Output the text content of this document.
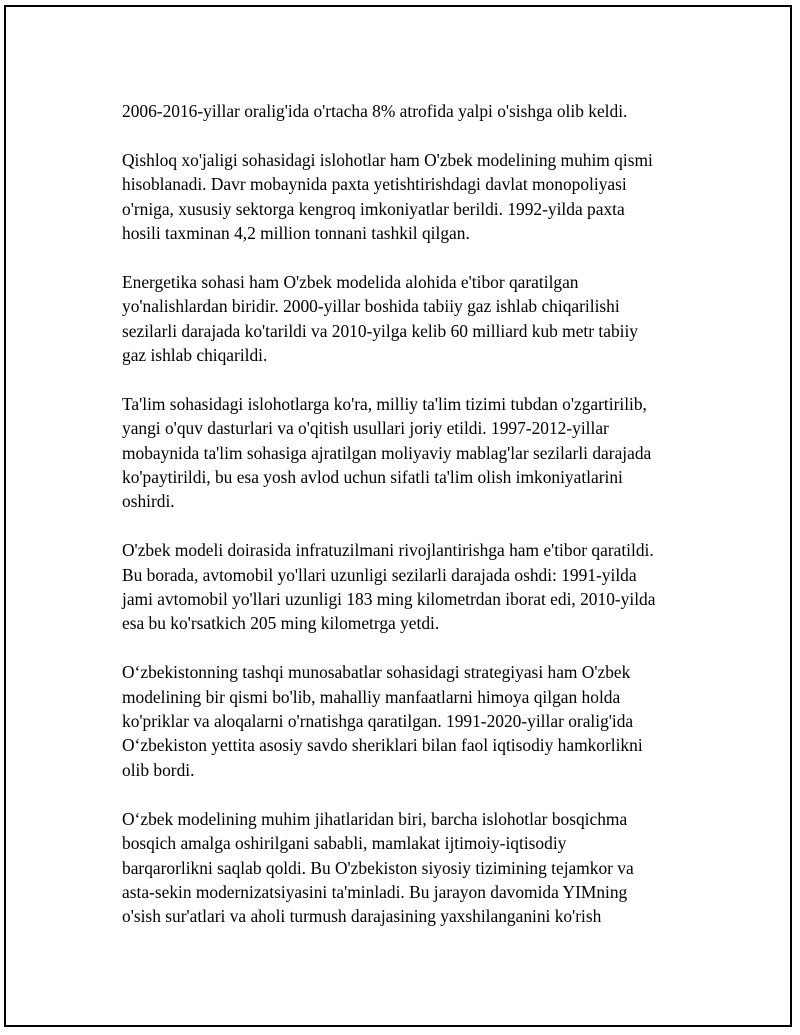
2006-2016-yillar oralig'ida o'rtacha 8% atrofida yalpi o'sishga olib keldi.

Qishloq xo'jaligi sohasidagi islohotlar ham O'zbek modelining muhim qismi
hisoblanadi. Davr mobaynida paxta yetishtirishdagi davlat monopoliyasi
o'rniga, xususiy sektorga kengroq imkoniyatlar berildi. 1992-yilda paxta
hosili taxminan 4,2 million tonnani tashkil qilgan.

Energetika sohasi ham O'zbek modelida alohida e'tibor qaratilgan
yo'nalishlardan biridir. 2000-yillar boshida tabiiy gaz ishlab chiqarilishi
sezilarli darajada ko'tarildi va 2010-yilga kelib 60 milliard kub metr tabiiy
gaz ishlab chiqarildi.

Ta'lim sohasidagi islohotlarga ko'ra, milliy ta'lim tizimi tubdan o'zgartirilib,
yangi o'quv dasturlari va o'qitish usullari joriy etildi. 1997-2012-yillar
mobaynida ta'lim sohasiga ajratilgan moliyaviy mablag'lar sezilarli darajada
ko'paytirildi, bu esa yosh avlod uchun sifatli ta'lim olish imkoniyatlarini
oshirdi.

O'zbek modeli doirasida infratuzilmani rivojlantirishga ham e'tibor qaratildi.
Bu borada, avtomobil yo'llari uzunligi sezilarli darajada oshdi: 1991-yilda
jami avtomobil yo'llari uzunligi 183 ming kilometrdan iborat edi, 2010-yilda
esa bu ko'rsatkich 205 ming kilometrga yetdi.

O‘zbekistonning tashqi munosabatlar sohasidagi strategiyasi ham O'zbek
modelining bir qismi bo'lib, mahalliy manfaatlarni himoya qilgan holda
ko'priklar va aloqalarni o'rnatishga qaratilgan. 1991-2020-yillar oralig'ida
O‘zbekiston yettita asosiy savdo sheriklari bilan faol iqtisodiy hamkorlikni
olib bordi.

O‘zbek modelining muhim jihatlaridan biri, barcha islohotlar bosqichma
bosqich amalga oshirilgani sababli, mamlakat ijtimoiy-iqtisodiy
barqarorlikni saqlab qoldi. Bu O'zbekiston siyosiy tizimining tejamkor va
asta-sekin modernizatsiyasini ta'minladi. Bu jarayon davomida YIMning
o'sish sur'atlari va aholi turmush darajasining yaxshilanganini ko'rish
